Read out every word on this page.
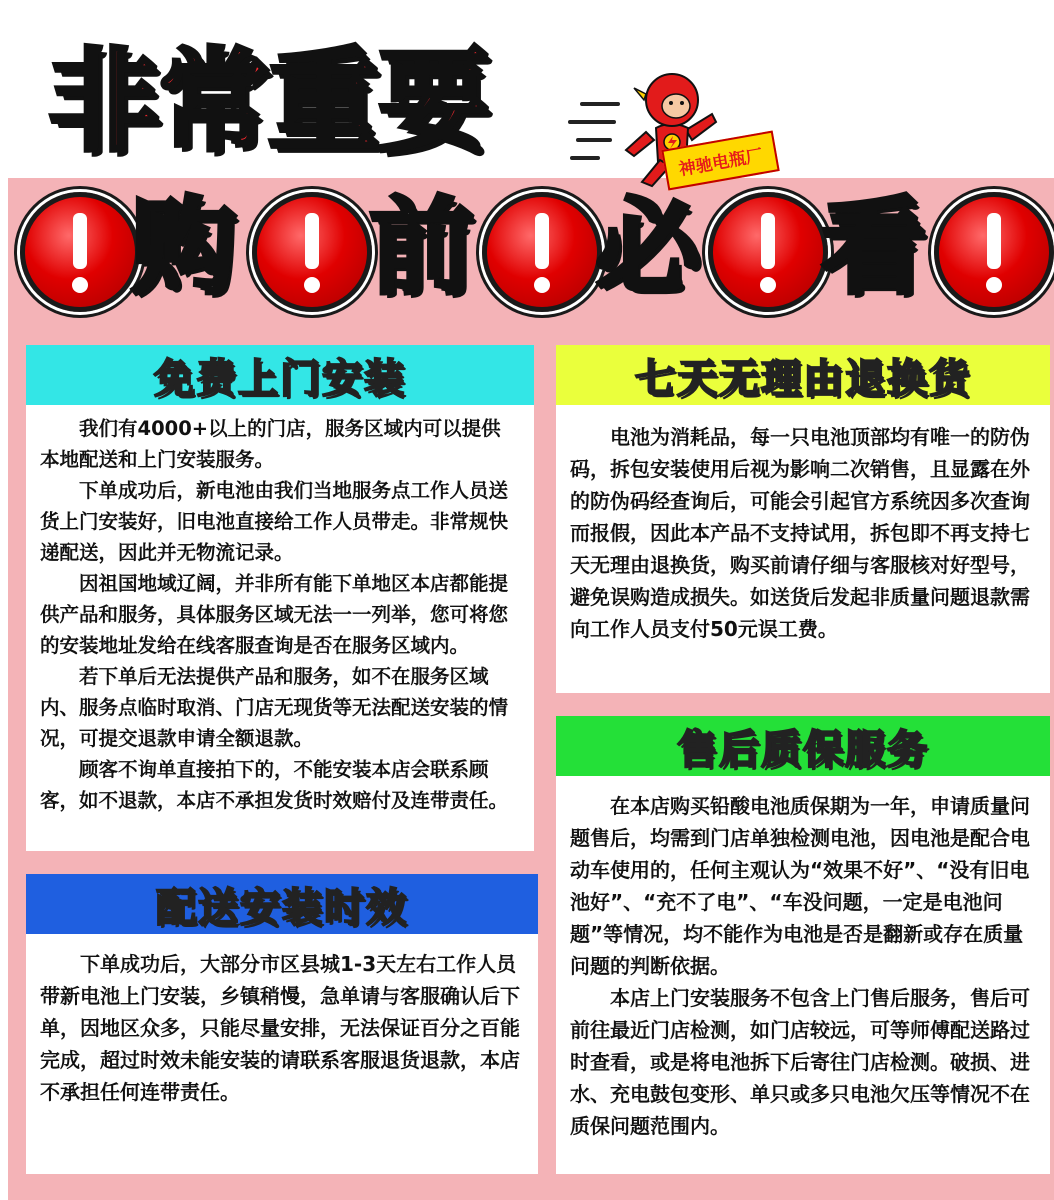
非常重要	神驰电瓶厂
购 前 必 看
免费上门安装

我们有4000+以上的门店，服务区域内可以提供本地配送和上门安装服务。

下单成功后，新电池由我们当地服务点工作人员送货上门安装好，旧电池直接给工作人员带走。非常规快递配送，因此并无物流记录。

因祖国地域辽阔，并非所有能下单地区本店都能提供产品和服务，具体服务区域无法一一列举，您可将您的安装地址发给在线客服查询是否在服务区域内。

若下单后无法提供产品和服务，如不在服务区域内、服务点临时取消、门店无现货等无法配送安装的情况，可提交退款申请全额退款。

顾客不询单直接拍下的，不能安装本店会联系顾客，如不退款，本店不承担发货时效赔付及连带责任。

七天无理由退换货

电池为消耗品，每一只电池顶部均有唯一的防伪码，拆包安装使用后视为影响二次销售，且显露在外的防伪码经查询后，可能会引起官方系统因多次查询而报假，因此本产品不支持试用，拆包即不再支持七天无理由退换货，购买前请仔细与客服核对好型号，避免误购造成损失。如送货后发起非质量问题退款需向工作人员支付50元误工费。

配送安装时效

下单成功后，大部分市区县城1-3天左右工作人员带新电池上门安装，乡镇稍慢，急单请与客服确认后下单，因地区众多，只能尽量安排，无法保证百分之百能完成，超过时效未能安装的请联系客服退货退款，本店不承担任何连带责任。

售后质保服务

在本店购买铅酸电池质保期为一年，申请质量问题售后，均需到门店单独检测电池，因电池是配合电动车使用的，任何主观认为“效果不好”、“没有旧电池好”、“充不了电”、“车没问题，一定是电池问题”等情况，均不能作为电池是否是翻新或存在质量问题的判断依据。

本店上门安装服务不包含上门售后服务，售后可前往最近门店检测，如门店较远，可等师傅配送路过时查看，或是将电池拆下后寄往门店检测。破损、进水、充电鼓包变形、单只或多只电池欠压等情况不在质保问题范围内。
